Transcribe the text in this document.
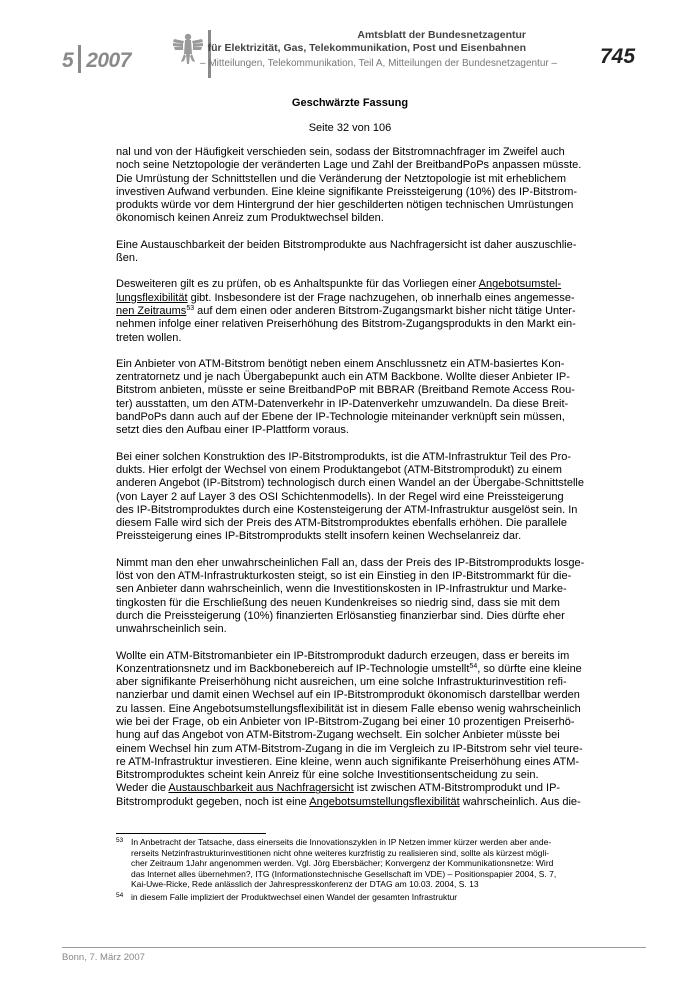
5 2007
Amtsblatt der Bundesnetzagentur
für Elektrizität, Gas, Telekommunikation, Post und Eisenbahnen
– Mitteilungen, Telekommunikation, Teil A, Mitteilungen der Bundesnetzagentur – 745
Geschwärzte Fassung
Seite 32 von 106

nal und von der Häufigkeit verschieden sein, sodass der Bitstromnachfrager im Zweifel auch
noch seine Netztopologie der veränderten Lage und Zahl der BreitbandPoPs anpassen müsste.
Die Umrüstung der Schnittstellen und die Veränderung der Netztopologie ist mit erheblichem
investiven Aufwand verbunden. Eine kleine signifikante Preissteigerung (10%) des IP-Bitstrom-
produkts würde vor dem Hintergrund der hier geschilderten nötigen technischen Umrüstungen
ökonomisch keinen Anreiz zum Produktwechsel bilden.

Eine Austauschbarkeit der beiden Bitstromprodukte aus Nachfragersicht ist daher auszuschlie-
ßen.

Desweiteren gilt es zu prüfen, ob es Anhaltspunkte für das Vorliegen einer Angebotsumstel-
lungsflexibilität gibt. Insbesondere ist der Frage nachzugehen, ob innerhalb eines angemesse-
nen Zeitraums$^{53}$ auf dem einen oder anderen Bitstrom-Zugangsmarkt bisher nicht tätige Unter-
nehmen infolge einer relativen Preiserhöhung des Bitstrom-Zugangsprodukts in den Markt ein-
treten wollen.

Ein Anbieter von ATM-Bitstrom benötigt neben einem Anschlussnetz ein ATM-basiertes Kon-
zentratornetz und je nach Übergabepunkt auch ein ATM Backbone. Wollte dieser Anbieter IP-
Bitstrom anbieten, müsste er seine BreitbandPoP mit BBRAR (Breitband Remote Access Rou-
ter) ausstatten, um den ATM-Datenverkehr in IP-Datenverkehr umzuwandeln. Da diese Breit-
bandPoPs dann auch auf der Ebene der IP-Technologie miteinander verknüpft sein müssen,
setzt dies den Aufbau einer IP-Plattform voraus.

Bei einer solchen Konstruktion des IP-Bitstromprodukts, ist die ATM-Infrastruktur Teil des Pro-
dukts. Hier erfolgt der Wechsel von einem Produktangebot (ATM-Bitstromprodukt) zu einem
anderen Angebot (IP-Bitstrom) technologisch durch einen Wandel an der Übergabe-Schnittstelle
(von Layer 2 auf Layer 3 des OSI Schichtenmodells). In der Regel wird eine Preissteigerung
des IP-Bitstromproduktes durch eine Kostensteigerung der ATM-Infrastruktur ausgelöst sein. In
diesem Falle wird sich der Preis des ATM-Bitstromproduktes ebenfalls erhöhen. Die parallele
Preissteigerung eines IP-Bitstromprodukts stellt insofern keinen Wechselanreiz dar.

Nimmt man den eher unwahrscheinlichen Fall an, dass der Preis des IP-Bitstromprodukts losge-
löst von den ATM-Infrastrukturkosten steigt, so ist ein Einstieg in den IP-Bitstrommarkt für die-
sen Anbieter dann wahrscheinlich, wenn die Investitionskosten in IP-Infrastruktur und Marke-
tingkosten für die Erschließung des neuen Kundenkreises so niedrig sind, dass sie mit dem
durch die Preissteigerung (10%) finanzierten Erlösanstieg finanzierbar sind. Dies dürfte eher
unwahrscheinlich sein.

Wollte ein ATM-Bitstromanbieter ein IP-Bitstromprodukt dadurch erzeugen, dass er bereits im
Konzentrationsnetz und im Backbonebereich auf IP-Technologie umstellt$^{54}$, so dürfte eine kleine
aber signifikante Preiserhöhung nicht ausreichen, um eine solche Infrastrukturinvestition refi-
nanzierbar und damit einen Wechsel auf ein IP-Bitstromprodukt ökonomisch darstellbar werden
zu lassen. Eine Angebotsumstellungsflexibilität ist in diesem Falle ebenso wenig wahrscheinlich
wie bei der Frage, ob ein Anbieter von IP-Bitstrom-Zugang bei einer 10 prozentigen Preiserhö-
hung auf das Angebot von ATM-Bitstrom-Zugang wechselt. Ein solcher Anbieter müsste bei
einem Wechsel hin zum ATM-Bitstrom-Zugang in die im Vergleich zu IP-Bitstrom sehr viel teure-
re ATM-Infrastruktur investieren. Eine kleine, wenn auch signifikante Preiserhöhung eines ATM-
Bitstromproduktes scheint kein Anreiz für eine solche Investitionsentscheidung zu sein.
Weder die Austauschbarkeit aus Nachfragersicht ist zwischen ATM-Bitstromprodukt und IP-
Bitstromprodukt gegeben, noch ist eine Angebotsumstellungsflexibilität wahrscheinlich. Aus die-

53 In Anbetracht der Tatsache, dass einerseits die Innovationszyklen in IP Netzen immer kürzer werden aber ande-
rerseits Netzinfrastrukturinvestitionen nicht ohne weiteres kurzfristig zu realisieren sind, sollte als kürzest mögli-
cher Zeitraum 1Jahr angenommen werden. Vgl. Jörg Ebersbächer; Konvergenz der Kommunikationsnetze: Wird
das Internet alles übernehmen?, ITG (Informationstechnische Gesellschaft im VDE) – Positionspapier 2004, S. 7,
Kai-Uwe-Ricke, Rede anlässlich der Jahrespresskonferenz der DTAG am 10.03. 2004, S. 13
54 in diesem Falle impliziert der Produktwechsel einen Wandel der gesamten Infrastruktur
Bonn, 7. März 2007
